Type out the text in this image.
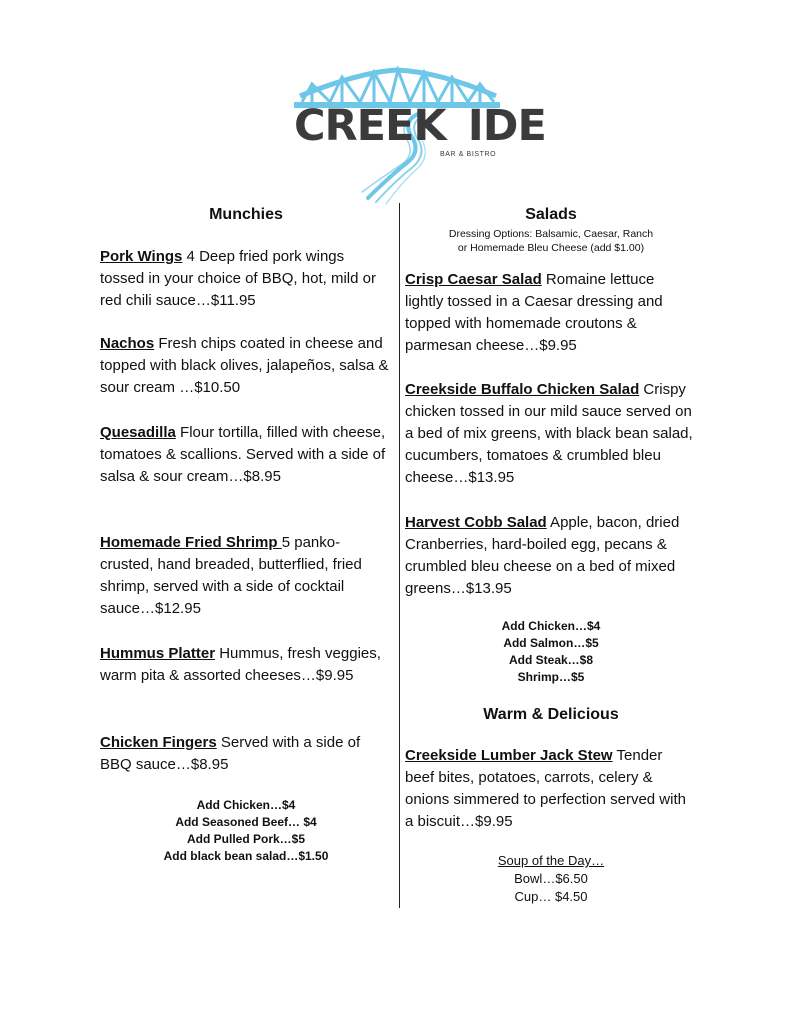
CREEK IDE
BAR & BISTRO
Munchies
Pork Wings 4 Deep fried pork wings tossed in your choice of BBQ, hot, mild or red chili sauce…$11.95
Nachos Fresh chips coated in cheese and topped with black olives, jalapeños, salsa & sour cream …$10.50
Quesadilla Flour tortilla, filled with cheese, tomatoes & scallions. Served with a side of salsa & sour cream…$8.95
Homemade Fried Shrimp 5 panko-crusted, hand breaded, butterflied, fried shrimp, served with a side of cocktail sauce…$12.95
Hummus Platter Hummus, fresh veggies, warm pita & assorted cheeses…$9.95
Chicken Fingers Served with a side of BBQ sauce…$8.95
Add Chicken…$4
Add Seasoned Beef… $4
Add Pulled Pork…$5
Add black bean salad…$1.50
Salads
Dressing Options: Balsamic, Caesar, Ranch
or Homemade Bleu Cheese (add $1.00)
Crisp Caesar Salad Romaine lettuce lightly tossed in a Caesar dressing and topped with homemade croutons & parmesan cheese…$9.95
Creekside Buffalo Chicken Salad Crispy chicken tossed in our mild sauce served on a bed of mix greens, with black bean salad, cucumbers, tomatoes & crumbled bleu cheese…$13.95
Harvest Cobb Salad Apple, bacon, dried Cranberries, hard-boiled egg, pecans & crumbled bleu cheese on a bed of mixed greens…$13.95
Add Chicken…$4
Add Salmon…$5
Add Steak…$8
Shrimp…$5
Warm & Delicious
Creekside Lumber Jack Stew Tender beef bites, potatoes, carrots, celery & onions simmered to perfection served with a biscuit…$9.95
Soup of the Day…
Bowl…$6.50
Cup… $4.50
